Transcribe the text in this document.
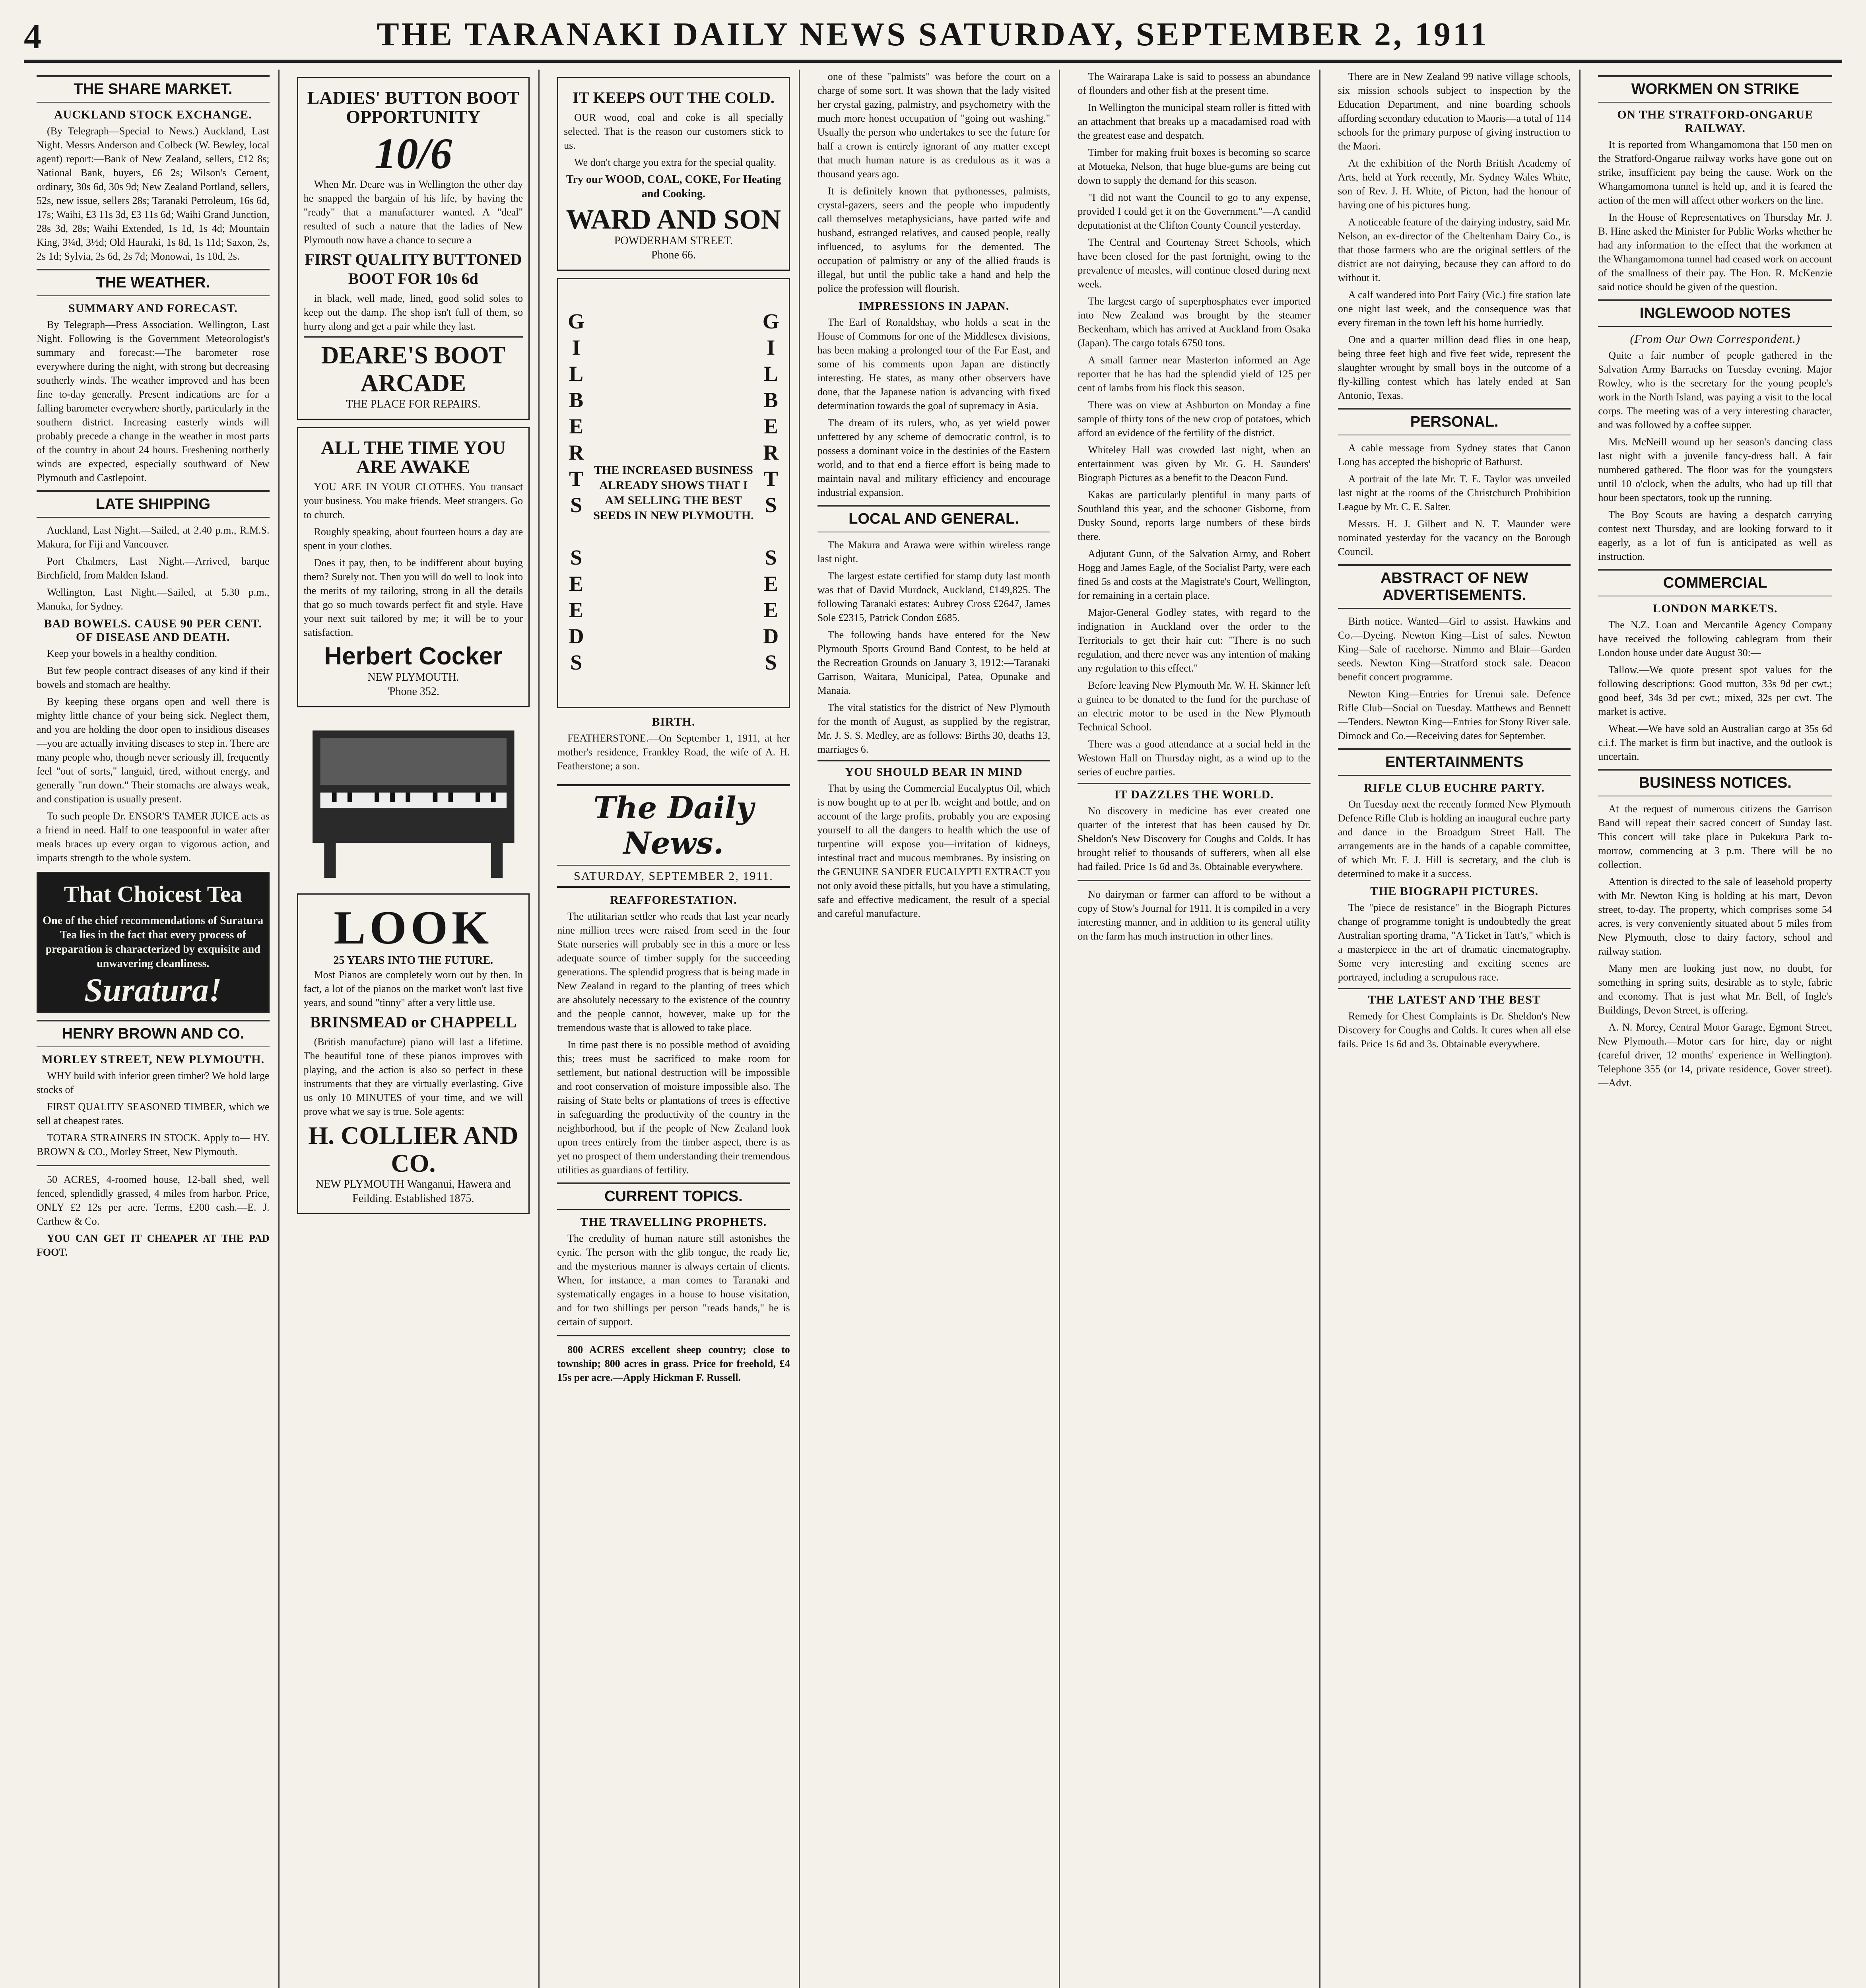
4	THE TARANAKI DAILY NEWS SATURDAY, SEPTEMBER 2, 1911
THE SHARE MARKET.
AUCKLAND STOCK EXCHANGE.

(By Telegraph—Special to News.) Auckland, Last Night. Messrs Anderson and Colbeck (W. Bewley, local agent) report:—Bank of New Zealand, sellers, £12 8s; National Bank, buyers, £6 2s; Wilson's Cement, ordinary, 30s 6d, 30s 9d; New Zealand Portland, sellers, 52s, new issue, sellers 28s; Taranaki Petroleum, 16s 6d, 17s; Waihi, £3 11s 3d, £3 11s 6d; Waihi Grand Junction, 28s 3d, 28s; Waihi Extended, 1s 1d, 1s 4d; Mountain King, 3¼d, 3½d; Old Hauraki, 1s 8d, 1s 11d; Saxon, 2s, 2s 1d; Sylvia, 2s 6d, 2s 7d; Monowai, 1s 10d, 2s.

THE WEATHER.
SUMMARY AND FORECAST.

By Telegraph—Press Association. Wellington, Last Night. Following is the Government Meteorologist's summary and forecast:—The barometer rose everywhere during the night, with strong but decreasing southerly winds. The weather improved and has been fine to-day generally. Present indications are for a falling barometer everywhere shortly, particularly in the southern district. Increasing easterly winds will probably precede a change in the weather in most parts of the country in about 24 hours. Freshening northerly winds are expected, especially southward of New Plymouth and Castlepoint.

LATE SHIPPING

Auckland, Last Night.—Sailed, at 2.40 p.m., R.M.S. Makura, for Fiji and Vancouver.

Port Chalmers, Last Night.—Arrived, barque Birchfield, from Malden Island.

Wellington, Last Night.—Sailed, at 5.30 p.m., Manuka, for Sydney.

BAD BOWELS. CAUSE 90 PER CENT. OF DISEASE AND DEATH.

Keep your bowels in a healthy condition.

But few people contract diseases of any kind if their bowels and stomach are healthy.

By keeping these organs open and well there is mighty little chance of your being sick. Neglect them, and you are holding the door open to insidious diseases—you are actually inviting diseases to step in. There are many people who, though never seriously ill, frequently feel "out of sorts," languid, tired, without energy, and generally "run down." Their stomachs are always weak, and constipation is usually present.

To such people Dr. ENSOR'S TAMER JUICE acts as a friend in need. Half to one teaspoonful in water after meals braces up every organ to vigorous action, and imparts strength to the whole system.

That Choicest Tea
One of the chief recommendations of Suratura Tea lies in the fact that every process of preparation is characterized by exquisite and unwavering cleanliness.
Suratura!
HENRY BROWN AND CO.
MORLEY STREET, NEW PLYMOUTH.

WHY build with inferior green timber? We hold large stocks of

FIRST QUALITY SEASONED TIMBER, which we sell at cheapest rates.

TOTARA STRAINERS IN STOCK. Apply to— HY. BROWN & CO., Morley Street, New Plymouth.

50 ACRES, 4-roomed house, 12-ball shed, well fenced, splendidly grassed, 4 miles from harbor. Price, ONLY £2 12s per acre. Terms, £200 cash.—E. J. Carthew & Co.

YOU CAN GET IT CHEAPER AT THE PAD FOOT.

LADIES' BUTTON BOOT OPPORTUNITY
10/6

When Mr. Deare was in Wellington the other day he snapped the bargain of his life, by having the "ready" that a manufacturer wanted. A "deal" resulted of such a nature that the ladies of New Plymouth now have a chance to secure a

FIRST QUALITY BUTTONED BOOT FOR 10s 6d

in black, well made, lined, good solid soles to keep out the damp. The shop isn't full of them, so hurry along and get a pair while they last.

DEARE'S BOOT ARCADE
THE PLACE FOR REPAIRS.
ALL THE TIME YOU ARE AWAKE

YOU ARE IN YOUR CLOTHES. You transact your business. You make friends. Meet strangers. Go to church.

Roughly speaking, about fourteen hours a day are spent in your clothes.

Does it pay, then, to be indifferent about buying them? Surely not. Then you will do well to look into the merits of my tailoring, strong in all the details that go so much towards perfect fit and style. Have your next suit tailored by me; it will be to your satisfaction.

Herbert Cocker
NEW PLYMOUTH.
'Phone 352.
LOOK
25 YEARS INTO THE FUTURE.

Most Pianos are completely worn out by then. In fact, a lot of the pianos on the market won't last five years, and sound "tinny" after a very little use.

BRINSMEAD or CHAPPELL

(British manufacture) piano will last a lifetime. The beautiful tone of these pianos improves with playing, and the action is also so perfect in these instruments that they are virtually everlasting. Give us only 10 MINUTES of your time, and we will prove what we say is true. Sole agents:

H. COLLIER AND CO.
NEW PLYMOUTH Wanganui, Hawera and Feilding. Established 1875.
IT KEEPS OUT THE COLD.

OUR wood, coal and coke is all specially selected. That is the reason our customers stick to us.

We don't charge you extra for the special quality.

Try our WOOD, COAL, COKE, For Heating and Cooking.
WARD AND SON
POWDERHAM STREET.
Phone 66.
GILBERTS SEEDS THE INCREASED BUSINESS ALREADY SHOWS THAT I AM SELLING THE BEST SEEDS IN NEW PLYMOUTH. GILBERTS SEEDS
BIRTH.

FEATHERSTONE.—On September 1, 1911, at her mother's residence, Frankley Road, the wife of A. H. Featherstone; a son.

The Daily News.
SATURDAY, SEPTEMBER 2, 1911.
REAFFORESTATION.

The utilitarian settler who reads that last year nearly nine million trees were raised from seed in the four State nurseries will probably see in this a more or less adequate source of timber supply for the succeeding generations. The splendid progress that is being made in New Zealand in regard to the planting of trees which are absolutely necessary to the existence of the country and the people cannot, however, make up for the tremendous waste that is allowed to take place.

In time past there is no possible method of avoiding this; trees must be sacrificed to make room for settlement, but national destruction will be impossible and root conservation of moisture impossible also. The raising of State belts or plantations of trees is effective in safeguarding the productivity of the country in the neighborhood, but if the people of New Zealand look upon trees entirely from the timber aspect, there is as yet no prospect of them understanding their tremendous utilities as guardians of fertility.

CURRENT TOPICS.
THE TRAVELLING PROPHETS.

The credulity of human nature still astonishes the cynic. The person with the glib tongue, the ready lie, and the mysterious manner is always certain of clients. When, for instance, a man comes to Taranaki and systematically engages in a house to house visitation, and for two shillings per person "reads hands," he is certain of support.

800 ACRES excellent sheep country; close to township; 800 acres in grass. Price for freehold, £4 15s per acre.—Apply Hickman F. Russell.

one of these "palmists" was before the court on a charge of some sort. It was shown that the lady visited her crystal gazing, palmistry, and psychometry with the much more honest occupation of "going out washing." Usually the person who undertakes to see the future for half a crown is entirely ignorant of any matter except that much human nature is as credulous as it was a thousand years ago.

It is definitely known that pythonesses, palmists, crystal-gazers, seers and the people who impudently call themselves metaphysicians, have parted wife and husband, estranged relatives, and caused people, really influenced, to asylums for the demented. The occupation of palmistry or any of the allied frauds is illegal, but until the public take a hand and help the police the profession will flourish.

IMPRESSIONS IN JAPAN.

The Earl of Ronaldshay, who holds a seat in the House of Commons for one of the Middlesex divisions, has been making a prolonged tour of the Far East, and some of his comments upon Japan are distinctly interesting. He states, as many other observers have done, that the Japanese nation is advancing with fixed determination towards the goal of supremacy in Asia.

The dream of its rulers, who, as yet wield power unfettered by any scheme of democratic control, is to possess a dominant voice in the destinies of the Eastern world, and to that end a fierce effort is being made to maintain naval and military efficiency and encourage industrial expansion.

LOCAL AND GENERAL.

The Makura and Arawa were within wireless range last night.

The largest estate certified for stamp duty last month was that of David Murdock, Auckland, £149,825. The following Taranaki estates: Aubrey Cross £2647, James Sole £2315, Patrick Condon £685.

The following bands have entered for the New Plymouth Sports Ground Band Contest, to be held at the Recreation Grounds on January 3, 1912:—Taranaki Garrison, Waitara, Municipal, Patea, Opunake and Manaia.

The vital statistics for the district of New Plymouth for the month of August, as supplied by the registrar, Mr. J. S. S. Medley, are as follows: Births 30, deaths 13, marriages 6.

YOU SHOULD BEAR IN MIND

That by using the Commercial Eucalyptus Oil, which is now bought up to at per lb. weight and bottle, and on account of the large profits, probably you are exposing yourself to all the dangers to health which the use of turpentine will expose you—irritation of kidneys, intestinal tract and mucous membranes. By insisting on the GENUINE SANDER EUCALYPTI EXTRACT you not only avoid these pitfalls, but you have a stimulating, safe and effective medicament, the result of a special and careful manufacture.

The Wairarapa Lake is said to possess an abundance of flounders and other fish at the present time.

In Wellington the municipal steam roller is fitted with an attachment that breaks up a macadamised road with the greatest ease and despatch.

Timber for making fruit boxes is becoming so scarce at Motueka, Nelson, that huge blue-gums are being cut down to supply the demand for this season.

"I did not want the Council to go to any expense, provided I could get it on the Government."—A candid deputationist at the Clifton County Council yesterday.

The Central and Courtenay Street Schools, which have been closed for the past fortnight, owing to the prevalence of measles, will continue closed during next week.

The largest cargo of superphosphates ever imported into New Zealand was brought by the steamer Beckenham, which has arrived at Auckland from Osaka (Japan). The cargo totals 6750 tons.

A small farmer near Masterton informed an Age reporter that he has had the splendid yield of 125 per cent of lambs from his flock this season.

There was on view at Ashburton on Monday a fine sample of thirty tons of the new crop of potatoes, which afford an evidence of the fertility of the district.

Whiteley Hall was crowded last night, when an entertainment was given by Mr. G. H. Saunders' Biograph Pictures as a benefit to the Deacon Fund.

Kakas are particularly plentiful in many parts of Southland this year, and the schooner Gisborne, from Dusky Sound, reports large numbers of these birds there.

Adjutant Gunn, of the Salvation Army, and Robert Hogg and James Eagle, of the Socialist Party, were each fined 5s and costs at the Magistrate's Court, Wellington, for remaining in a certain place.

Major-General Godley states, with regard to the indignation in Auckland over the order to the Territorials to get their hair cut: "There is no such regulation, and there never was any intention of making any regulation to this effect."

Before leaving New Plymouth Mr. W. H. Skinner left a guinea to be donated to the fund for the purchase of an electric motor to be used in the New Plymouth Technical School.

There was a good attendance at a social held in the Westown Hall on Thursday night, as a wind up to the series of euchre parties.

IT DAZZLES THE WORLD.

No discovery in medicine has ever created one quarter of the interest that has been caused by Dr. Sheldon's New Discovery for Coughs and Colds. It has brought relief to thousands of sufferers, when all else had failed. Price 1s 6d and 3s. Obtainable everywhere.

No dairyman or farmer can afford to be without a copy of Stow's Journal for 1911. It is compiled in a very interesting manner, and in addition to its general utility on the farm has much instruction in other lines.

There are in New Zealand 99 native village schools, six mission schools subject to inspection by the Education Department, and nine boarding schools affording secondary education to Maoris—a total of 114 schools for the primary purpose of giving instruction to the Maori.

At the exhibition of the North British Academy of Arts, held at York recently, Mr. Sydney Wales White, son of Rev. J. H. White, of Picton, had the honour of having one of his pictures hung.

A noticeable feature of the dairying industry, said Mr. Nelson, an ex-director of the Cheltenham Dairy Co., is that those farmers who are the original settlers of the district are not dairying, because they can afford to do without it.

A calf wandered into Port Fairy (Vic.) fire station late one night last week, and the consequence was that every fireman in the town left his home hurriedly.

One and a quarter million dead flies in one heap, being three feet high and five feet wide, represent the slaughter wrought by small boys in the outcome of a fly-killing contest which has lately ended at San Antonio, Texas.

PERSONAL.

A cable message from Sydney states that Canon Long has accepted the bishopric of Bathurst.

A portrait of the late Mr. T. E. Taylor was unveiled last night at the rooms of the Christchurch Prohibition League by Mr. C. E. Salter.

Messrs. H. J. Gilbert and N. T. Maunder were nominated yesterday for the vacancy on the Borough Council.

ABSTRACT OF NEW ADVERTISEMENTS.

Birth notice. Wanted—Girl to assist. Hawkins and Co.—Dyeing. Newton King—List of sales. Newton King—Sale of racehorse. Nimmo and Blair—Garden seeds. Newton King—Stratford stock sale. Deacon benefit concert programme.

Newton King—Entries for Urenui sale. Defence Rifle Club—Social on Tuesday. Matthews and Bennett—Tenders. Newton King—Entries for Stony River sale. Dimock and Co.—Receiving dates for September.

ENTERTAINMENTS
RIFLE CLUB EUCHRE PARTY.

On Tuesday next the recently formed New Plymouth Defence Rifle Club is holding an inaugural euchre party and dance in the Broadgum Street Hall. The arrangements are in the hands of a capable committee, of which Mr. F. J. Hill is secretary, and the club is determined to make it a success.

THE BIOGRAPH PICTURES.

The "piece de resistance" in the Biograph Pictures change of programme tonight is undoubtedly the great Australian sporting drama, "A Ticket in Tatt's," which is a masterpiece in the art of dramatic cinematography. Some very interesting and exciting scenes are portrayed, including a scrupulous race.

THE LATEST AND THE BEST

Remedy for Chest Complaints is Dr. Sheldon's New Discovery for Coughs and Colds. It cures when all else fails. Price 1s 6d and 3s. Obtainable everywhere.

WORKMEN ON STRIKE
ON THE STRATFORD-ONGARUE RAILWAY.

It is reported from Whangamomona that 150 men on the Stratford-Ongarue railway works have gone out on strike, insufficient pay being the cause. Work on the Whangamomona tunnel is held up, and it is feared the action of the men will affect other workers on the line.

In the House of Representatives on Thursday Mr. J. B. Hine asked the Minister for Public Works whether he had any information to the effect that the workmen at the Whangamomona tunnel had ceased work on account of the smallness of their pay. The Hon. R. McKenzie said notice should be given of the question.

INGLEWOOD NOTES
(From Our Own Correspondent.)

Quite a fair number of people gathered in the Salvation Army Barracks on Tuesday evening. Major Rowley, who is the secretary for the young people's work in the North Island, was paying a visit to the local corps. The meeting was of a very interesting character, and was followed by a coffee supper.

Mrs. McNeill wound up her season's dancing class last night with a juvenile fancy-dress ball. A fair numbered gathered. The floor was for the youngsters until 10 o'clock, when the adults, who had up till that hour been spectators, took up the running.

The Boy Scouts are having a despatch carrying contest next Thursday, and are looking forward to it eagerly, as a lot of fun is anticipated as well as instruction.

COMMERCIAL
LONDON MARKETS.

The N.Z. Loan and Mercantile Agency Company have received the following cablegram from their London house under date August 30:—

Tallow.—We quote present spot values for the following descriptions: Good mutton, 33s 9d per cwt.; good beef, 34s 3d per cwt.; mixed, 32s per cwt. The market is active.

Wheat.—We have sold an Australian cargo at 35s 6d c.i.f. The market is firm but inactive, and the outlook is uncertain.

BUSINESS NOTICES.

At the request of numerous citizens the Garrison Band will repeat their sacred concert of Sunday last. This concert will take place in Pukekura Park to-morrow, commencing at 3 p.m. There will be no collection.

Attention is directed to the sale of leasehold property with Mr. Newton King is holding at his mart, Devon street, to-day. The property, which comprises some 54 acres, is very conveniently situated about 5 miles from New Plymouth, close to dairy factory, school and railway station.

Many men are looking just now, no doubt, for something in spring suits, desirable as to style, fabric and economy. That is just what Mr. Bell, of Ingle's Buildings, Devon Street, is offering.

A. N. Morey, Central Motor Garage, Egmont Street, New Plymouth.—Motor cars for hire, day or night (careful driver, 12 months' experience in Wellington). Telephone 355 (or 14, private residence, Gover street).—Advt.
